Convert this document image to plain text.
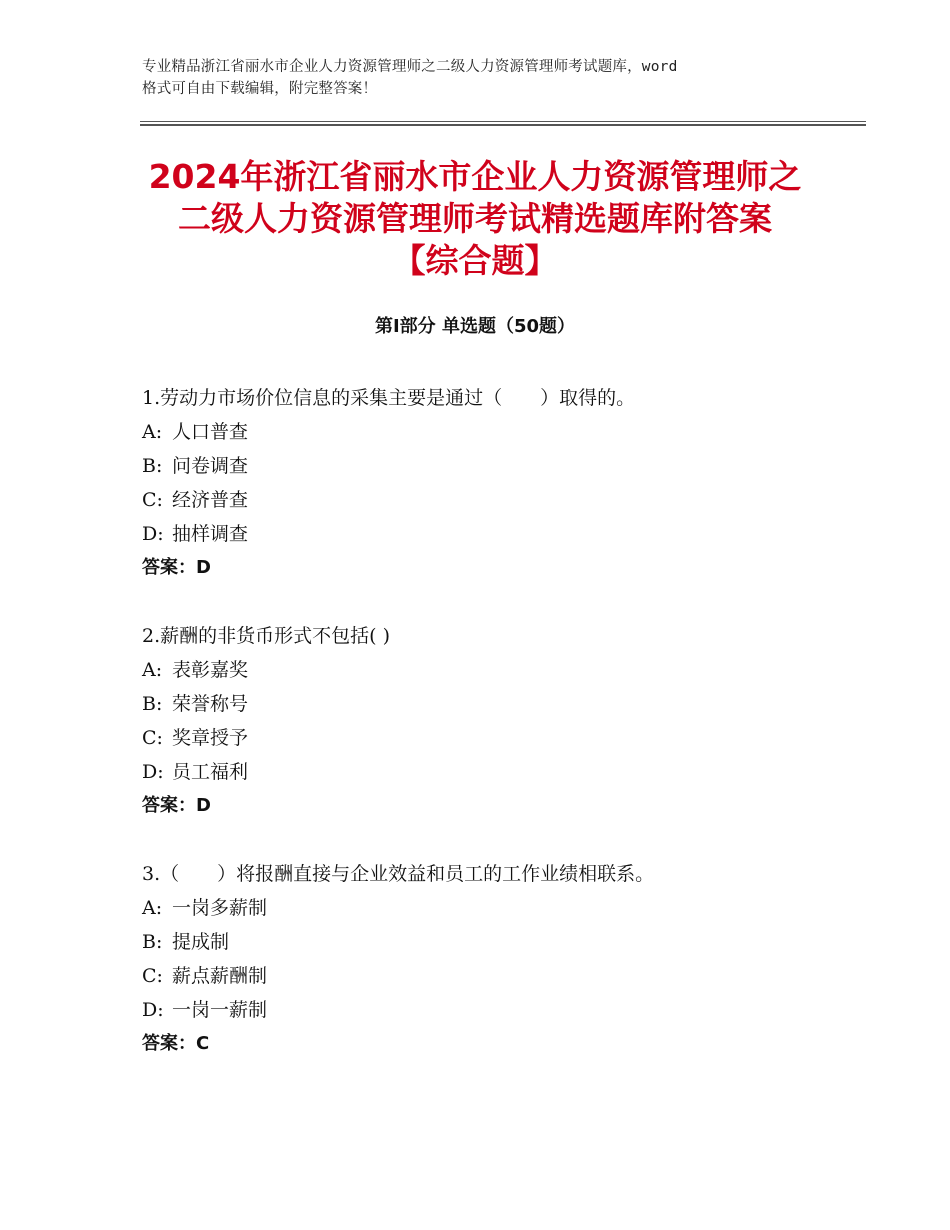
专业精品浙江省丽水市企业人力资源管理师之二级人力资源管理师考试题库，word
格式可自由下载编辑，附完整答案！
2024年浙江省丽水市企业人力资源管理师之
二级人力资源管理师考试精选题库附答案
【综合题】
第Ⅰ部分 单选题（50题）
1.劳动力市场价位信息的采集主要是通过（　　）取得的。
A: 人口普查
B: 问卷调查
C: 经济普查
D: 抽样调查
答案：D
2.薪酬的非货币形式不包括( )
A: 表彰嘉奖
B: 荣誉称号
C: 奖章授予
D: 员工福利
答案：D
3.（　　）将报酬直接与企业效益和员工的工作业绩相联系。
A: 一岗多薪制
B: 提成制
C: 薪点薪酬制
D: 一岗一薪制
答案：C
